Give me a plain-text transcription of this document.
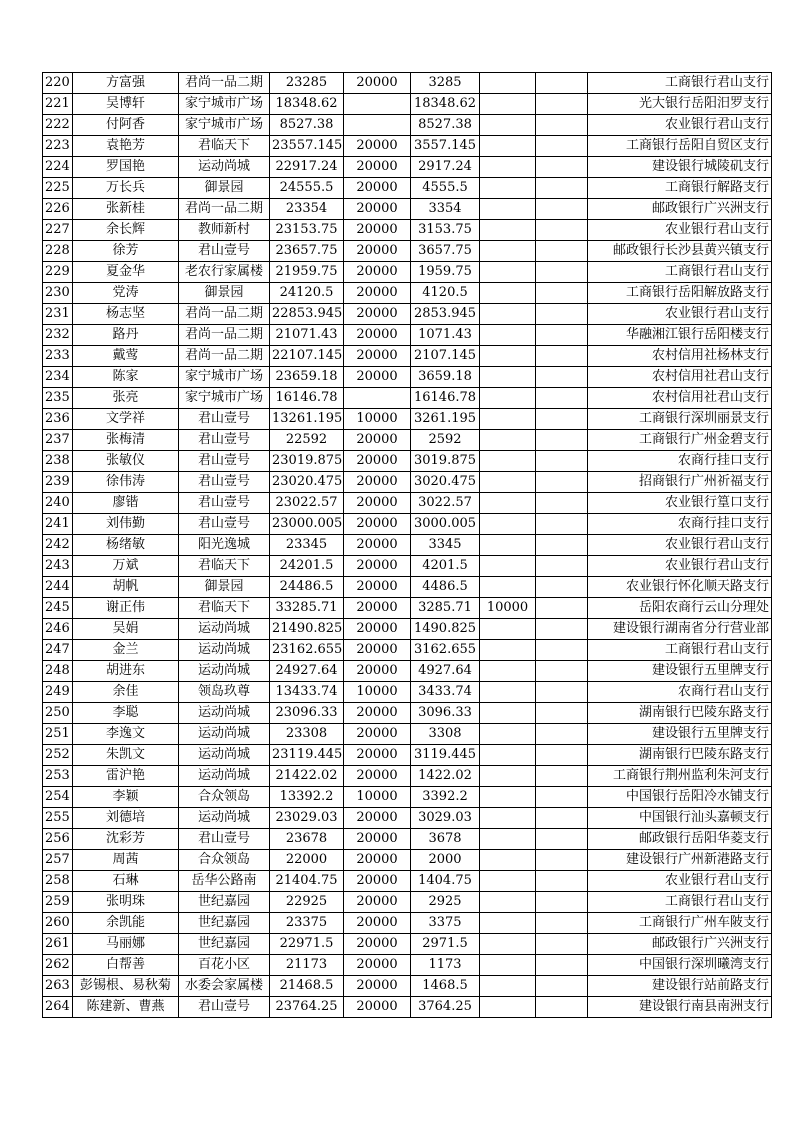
220	方富强	君尚一品二期	23285	20000	3285			工商银行君山支行
221	吴博轩	家宁城市广场	18348.62		18348.62			光大银行岳阳汨罗支行
222	付阿香	家宁城市广场	8527.38		8527.38			农业银行君山支行
223	袁艳芳	君临天下	23557.145	20000	3557.145			工商银行岳阳自贸区支行
224	罗国艳	运动尚城	22917.24	20000	2917.24			建设银行城陵矶支行
225	万长兵	御景园	24555.5	20000	4555.5			工商银行解路支行
226	张新桂	君尚一品二期	23354	20000	3354			邮政银行广兴洲支行
227	余长辉	教师新村	23153.75	20000	3153.75			农业银行君山支行
228	徐芳	君山壹号	23657.75	20000	3657.75			邮政银行长沙县黄兴镇支行
229	夏金华	老农行家属楼	21959.75	20000	1959.75			工商银行君山支行
230	党涛	御景园	24120.5	20000	4120.5			工商银行岳阳解放路支行
231	杨志坚	君尚一品二期	22853.945	20000	2853.945			农业银行君山支行
232	路丹	君尚一品二期	21071.43	20000	1071.43			华融湘江银行岳阳楼支行
233	戴莺	君尚一品二期	22107.145	20000	2107.145			农村信用社杨林支行
234	陈家	家宁城市广场	23659.18	20000	3659.18			农村信用社君山支行
235	张亮	家宁城市广场	16146.78		16146.78			农村信用社君山支行
236	文学祥	君山壹号	13261.195	10000	3261.195			工商银行深圳丽景支行
237	张梅清	君山壹号	22592	20000	2592			工商银行广州金碧支行
238	张敏仪	君山壹号	23019.875	20000	3019.875			农商行挂口支行
239	徐伟涛	君山壹号	23020.475	20000	3020.475			招商银行广州祈福支行
240	廖锴	君山壹号	23022.57	20000	3022.57			农业银行篁口支行
241	刘伟勤	君山壹号	23000.005	20000	3000.005			农商行挂口支行
242	杨绪敏	阳光逸城	23345	20000	3345			农业银行君山支行
243	万斌	君临天下	24201.5	20000	4201.5			农业银行君山支行
244	胡帆	御景园	24486.5	20000	4486.5			农业银行怀化顺天路支行
245	谢正伟	君临天下	33285.71	20000	3285.71	10000		岳阳农商行云山分理处
246	吴娟	运动尚城	21490.825	20000	1490.825			建设银行湖南省分行营业部
247	金兰	运动尚城	23162.655	20000	3162.655			工商银行君山支行
248	胡进东	运动尚城	24927.64	20000	4927.64			建设银行五里牌支行
249	余佳	领岛玖尊	13433.74	10000	3433.74			农商行君山支行
250	李聪	运动尚城	23096.33	20000	3096.33			湖南银行巴陵东路支行
251	李逸文	运动尚城	23308	20000	3308			建设银行五里牌支行
252	朱凯文	运动尚城	23119.445	20000	3119.445			湖南银行巴陵东路支行
253	雷沪艳	运动尚城	21422.02	20000	1422.02			工商银行荆州监利朱河支行
254	李颖	合众领岛	13392.2	10000	3392.2			中国银行岳阳冷水铺支行
255	刘德培	运动尚城	23029.03	20000	3029.03			中国银行汕头嘉顿支行
256	沈彩芳	君山壹号	23678	20000	3678			邮政银行岳阳华菱支行
257	周茜	合众领岛	22000	20000	2000			建设银行广州新港路支行
258	石琳	岳华公路南	21404.75	20000	1404.75			农业银行君山支行
259	张明珠	世纪嘉园	22925	20000	2925			工商银行君山支行
260	余凯能	世纪嘉园	23375	20000	3375			工商银行广州车陂支行
261	马丽娜	世纪嘉园	22971.5	20000	2971.5			邮政银行广兴洲支行
262	白帮善	百花小区	21173	20000	1173			中国银行深圳曦湾支行
263	彭锡根、易秋菊	水委会家属楼	21468.5	20000	1468.5			建设银行站前路支行
264	陈建新、曹燕	君山壹号	23764.25	20000	3764.25			建设银行南县南洲支行
